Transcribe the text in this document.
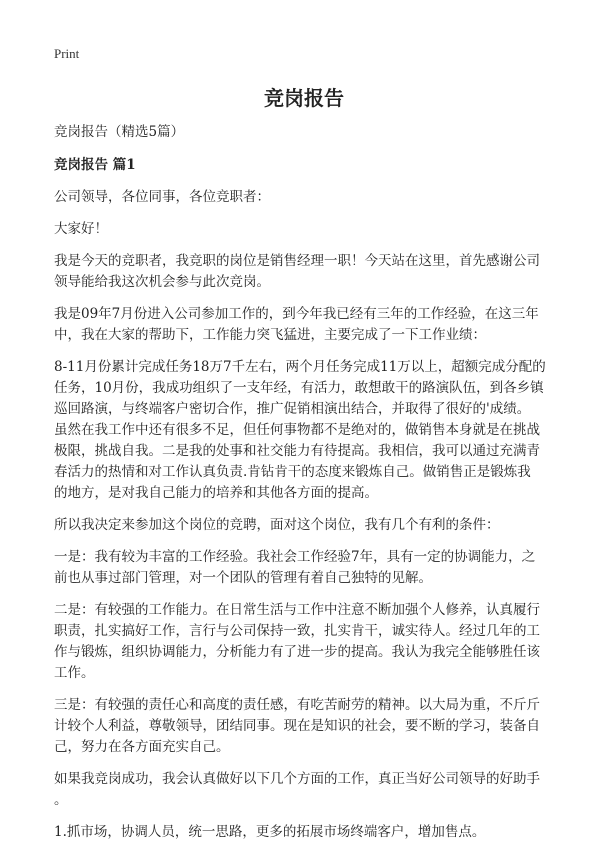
Print
竞岗报告
竞岗报告（精选5篇）
竞岗报告 篇1
公司领导，各位同事，各位竞职者：
大家好！
我是今天的竞职者，我竞职的岗位是销售经理一职！今天站在这里，首先感谢公司
领导能给我这次机会参与此次竞岗。
我是09年7月份进入公司参加工作的，到今年我已经有三年的工作经验，在这三年
中，我在大家的帮助下，工作能力突飞猛进，主要完成了一下工作业绩：
8-11月份累计完成任务18万7千左右，两个月任务完成11万以上，超额完成分配的
任务，10月份，我成功组织了一支年经，有活力，敢想敢干的路演队伍，到各乡镇
巡回路演，与终端客户密切合作，推广促销相演出结合，并取得了很好的'成绩。
虽然在我工作中还有很多不足，但任何事物都不是绝对的，做销售本身就是在挑战
极限，挑战自我。二是我的处事和社交能力有待提高。我相信，我可以通过充满青
春活力的热情和对工作认真负责.肯钻肯干的态度来锻炼自己。做销售正是锻炼我
的地方，是对我自己能力的培养和其他各方面的提高。
所以我决定来参加这个岗位的竞聘，面对这个岗位，我有几个有利的条件：
一是：我有较为丰富的工作经验。我社会工作经验7年，具有一定的协调能力，之
前也从事过部门管理，对一个团队的管理有着自己独特的见解。
二是：有较强的工作能力。在日常生活与工作中注意不断加强个人修养，认真履行
职责，扎实搞好工作，言行与公司保持一致，扎实肯干，诚实待人。经过几年的工
作与锻炼，组织协调能力，分析能力有了进一步的提高。我认为我完全能够胜任该
工作。
三是：有较强的责任心和高度的责任感，有吃苦耐劳的精神。以大局为重，不斤斤
计较个人利益，尊敬领导，团结同事。现在是知识的社会，要不断的学习，装备自
己，努力在各方面充实自己。
如果我竞岗成功，我会认真做好以下几个方面的工作，真正当好公司领导的好助手
。
1.抓市场，协调人员，统一思路，更多的拓展市场终端客户，增加售点。
